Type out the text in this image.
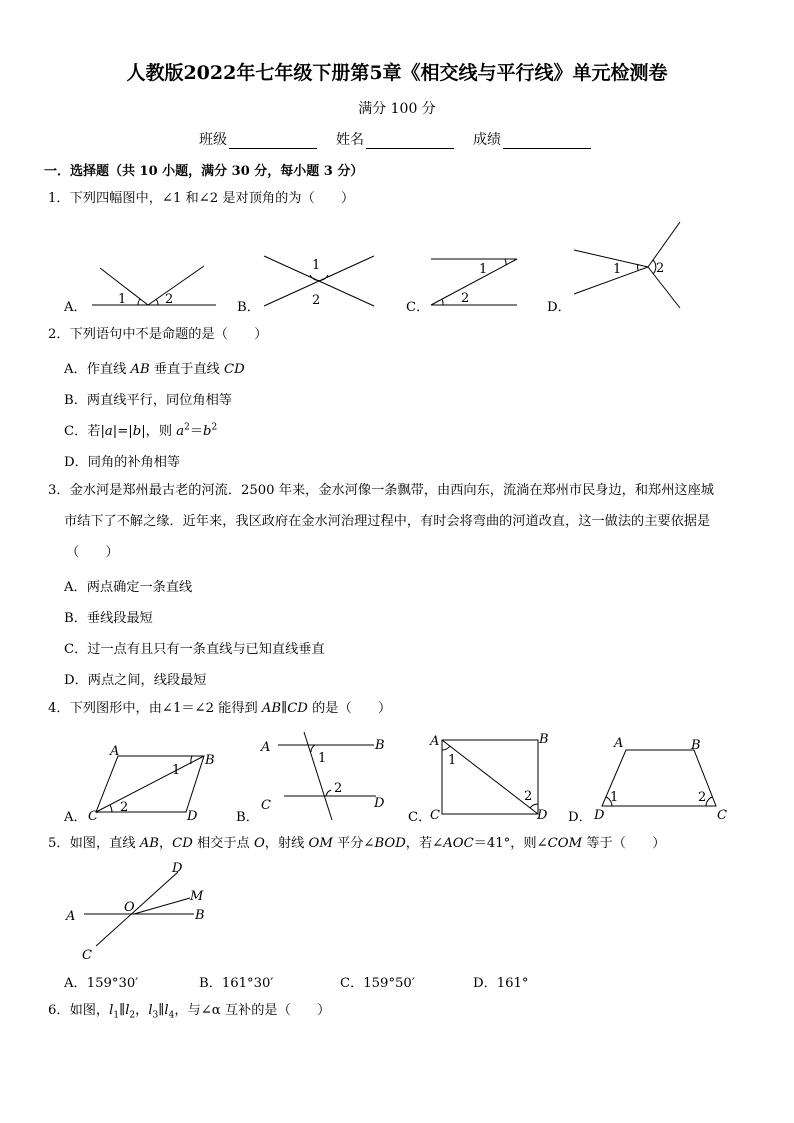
人教版2022年七年级下册第5章《相交线与平行线》单元检测卷
满分 100 分
班级	姓名	成绩
一．选择题（共 10 小题，满分 30 分，每小题 3 分）
1．下列四幅图中，∠1 和∠2 是对顶角的为（　　）
A．
1	2
B．
1
2	C．
1
2
D．
1	2
2．下列语句中不是命题的是（　　）
A．作直线 AB 垂直于直线 CD
B．两直线平行，同位角相等
C．若|a|=|b|，则 $a^2=b^2$
D．同角的补角相等
3．金水河是郑州最古老的河流．2500 年来，金水河像一条飘带，由西向东，流淌在郑州市民身边，和郑州这座城
市结下了不解之缘．近年来，我区政府在金水河治理过程中，有时会将弯曲的河道改直，这一做法的主要依据是
（　　）
A．两点确定一条直线
B．垂线段最短
C．过一点有且只有一条直线与已知直线垂直
D．两点之间，线段最短
4．下列图形中，由∠1＝∠2 能得到 AB∥CD 的是（　　）
A．
A
B
C	D
1
2
B．
A	B
C	D
1
2
C．
A	B
C	D
1
2
D．
A	B
D	C
1	2
5．如图，直线 AB，CD 相交于点 O，射线 OM 平分∠BOD，若∠AOC＝41°，则∠COM 等于（　　）
A	B
C
D
O
M
A．159°30′	B．161°30′	C．159°50′	D．161°
6．如图，$l_1\parallel l_2$，$l_3\parallel l_4$，与∠α 互补的是（　　）
